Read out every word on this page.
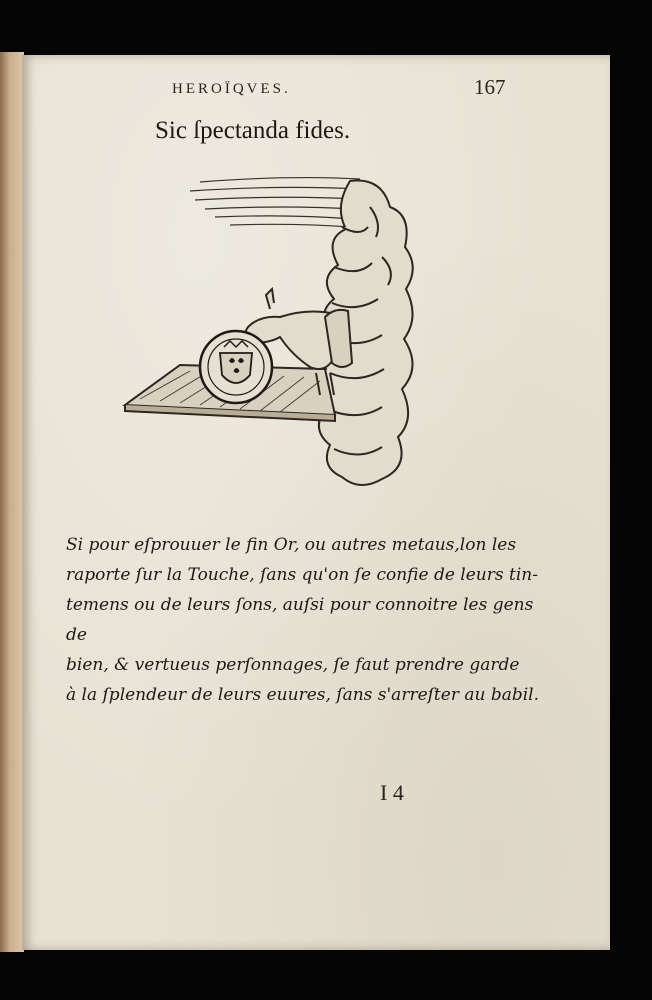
HEROÏQVES.	167
Sic ſpectanda fides.
Si pour eſprouuer le fin Or, ou autres metaus,lon les
raporte ſur la Touche, ſans qu'on ſe confie de leurs tin-
temens ou de leurs ſons, auſsi pour connoitre les gens de
bien, & vertueus perſonnages, ſe faut prendre garde
à la ſplendeur de leurs euures, ſans s'arreſter au babil.
I 4
